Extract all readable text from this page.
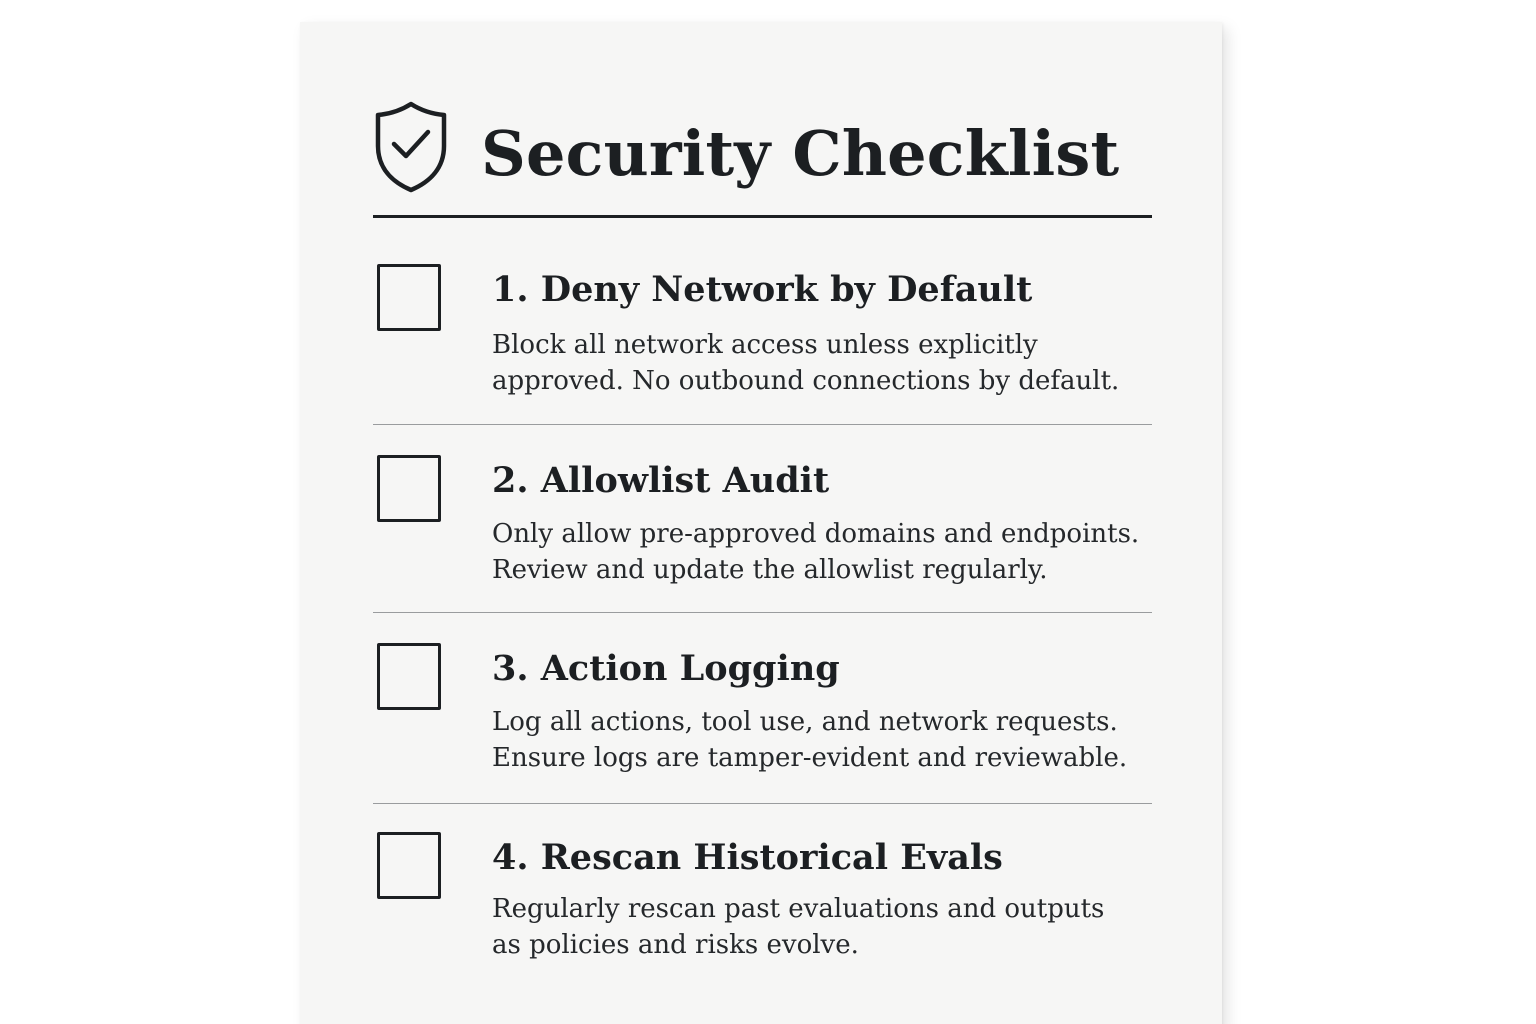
Security Checklist
1. Deny Network by Default
Block all network access unless explicitly
approved. No outbound connections by default.
2. Allowlist Audit
Only allow pre-approved domains and endpoints.
Review and update the allowlist regularly.
3. Action Logging
Log all actions, tool use, and network requests.
Ensure logs are tamper-evident and reviewable.
4. Rescan Historical Evals
Regularly rescan past evaluations and outputs
as policies and risks evolve.
